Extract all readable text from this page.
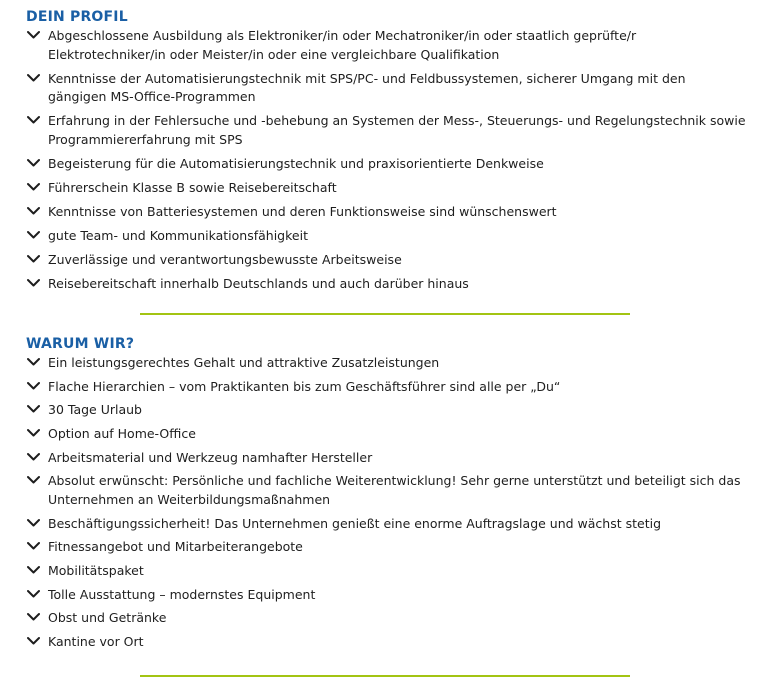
DEIN PROFIL
Abgeschlossene Ausbildung als Elektroniker/in oder Mechatroniker/in oder staatlich geprüfte/r Elektrotechniker/in oder Meister/in oder eine vergleichbare Qualifikation
Kenntnisse der Automatisierungstechnik mit SPS/PC- und Feldbussystemen, sicherer Umgang mit den gängigen MS-Office-Programmen
Erfahrung in der Fehlersuche und -behebung an Systemen der Mess-, Steuerungs- und Regelungstechnik sowie Programmiererfahrung mit SPS
Begeisterung für die Automatisierungstechnik und praxisorientierte Denkweise
Führerschein Klasse B sowie Reisebereitschaft
Kenntnisse von Batteriesystemen und deren Funktionsweise sind wünschenswert
gute Team- und Kommunikationsfähigkeit
Zuverlässige und verantwortungsbewusste Arbeitsweise
Reisebereitschaft innerhalb Deutschlands und auch darüber hinaus
WARUM WIR?
Ein leistungsgerechtes Gehalt und attraktive Zusatzleistungen
Flache Hierarchien – vom Praktikanten bis zum Geschäftsführer sind alle per „Du“
30 Tage Urlaub
Option auf Home-Office
Arbeitsmaterial und Werkzeug namhafter Hersteller
Absolut erwünscht: Persönliche und fachliche Weiterentwicklung! Sehr gerne unterstützt und beteiligt sich das Unternehmen an Weiterbildungsmaßnahmen
Beschäftigungssicherheit! Das Unternehmen genießt eine enorme Auftragslage und wächst stetig
Fitnessangebot und Mitarbeiterangebote
Mobilitätspaket
Tolle Ausstattung – modernstes Equipment
Obst und Getränke
Kantine vor Ort
